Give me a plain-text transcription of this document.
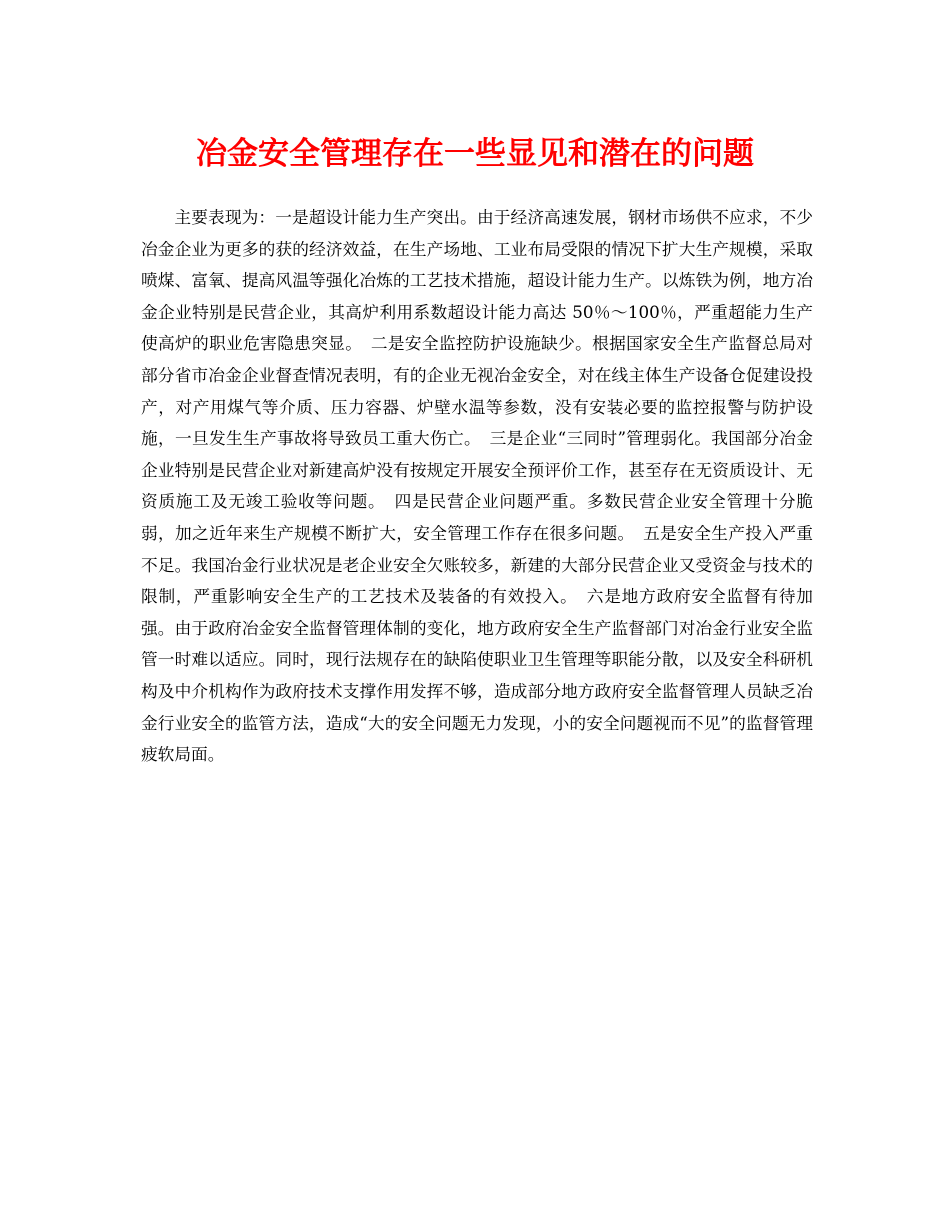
冶金安全管理存在一些显见和潜在的问题

主要表现为：一是超设计能力生产突出。由于经济高速发展，钢材市场供不应求，不少冶金企业为更多的获的经济效益，在生产场地、工业布局受限的情况下扩大生产规模，采取喷煤、富氧、提高风温等强化冶炼的工艺技术措施，超设计能力生产。以炼铁为例，地方冶金企业特别是民营企业，其高炉利用系数超设计能力高达 50％～100％，严重超能力生产使高炉的职业危害隐患突显。　二是安全监控防护设施缺少。根据国家安全生产监督总局对部分省市冶金企业督查情况表明，有的企业无视冶金安全，对在线主体生产设备仓促建设投产，对产用煤气等介质、压力容器、炉壁水温等参数，没有安装必要的监控报警与防护设施，一旦发生生产事故将导致员工重大伤亡。　三是企业“三同时”管理弱化。我国部分冶金企业特别是民营企业对新建高炉没有按规定开展安全预评价工作，甚至存在无资质设计、无资质施工及无竣工验收等问题。　四是民营企业问题严重。多数民营企业安全管理十分脆弱，加之近年来生产规模不断扩大，安全管理工作存在很多问题。　五是安全生产投入严重不足。我国冶金行业状况是老企业安全欠账较多，新建的大部分民营企业又受资金与技术的限制，严重影响安全生产的工艺技术及装备的有效投入。　六是地方政府安全监督有待加强。由于政府冶金安全监督管理体制的变化，地方政府安全生产监督部门对冶金行业安全监管一时难以适应。同时，现行法规存在的缺陷使职业卫生管理等职能分散，以及安全科研机构及中介机构作为政府技术支撑作用发挥不够，造成部分地方政府安全监督管理人员缺乏冶金行业安全的监管方法，造成“大的安全问题无力发现，小的安全问题视而不见”的监督管理疲软局面。
